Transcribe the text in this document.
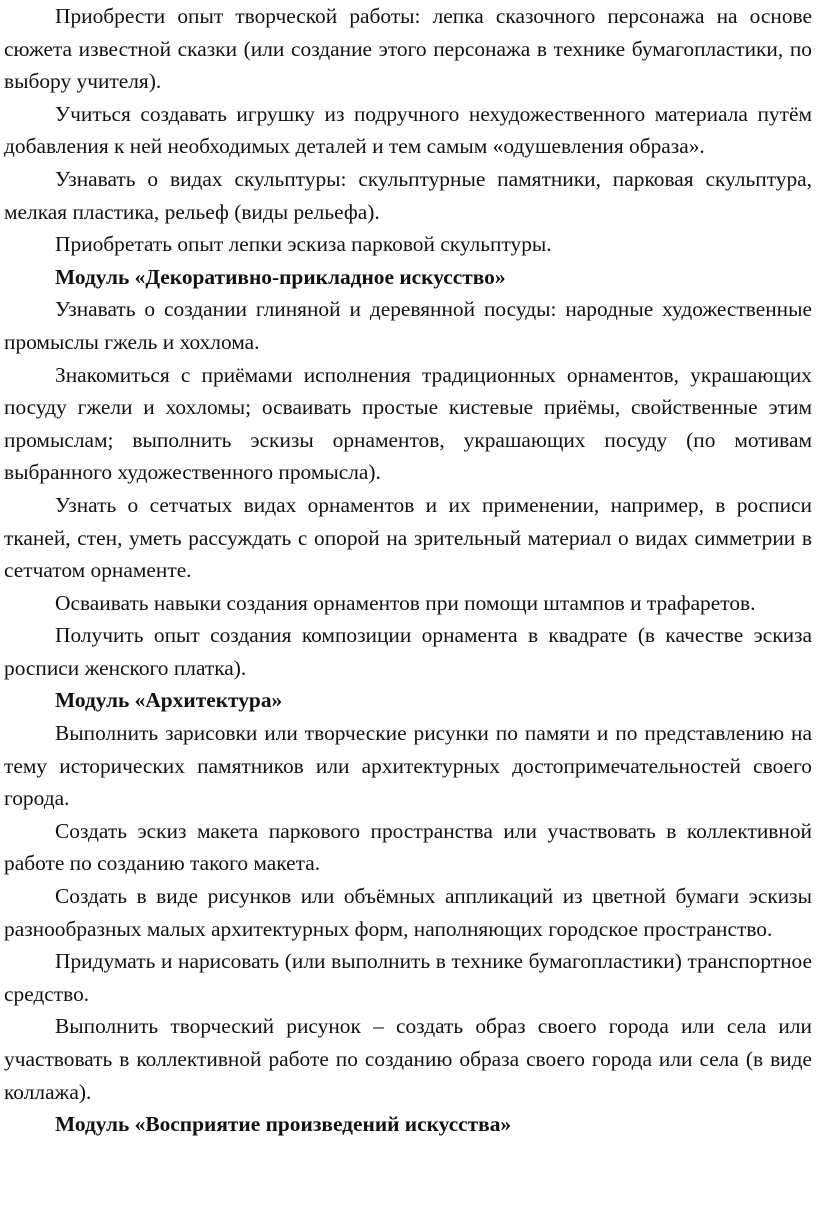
Приобрести опыт творческой работы: лепка сказочного персонажа на основе сюжета известной сказки (или создание этого персонажа в технике бумагопластики, по выбору учителя).

Учиться создавать игрушку из подручного нехудожественного материала путём добавления к ней необходимых деталей и тем самым «одушевления образа».

Узнавать о видах скульптуры: скульптурные памятники, парковая скульптура, мелкая пластика, рельеф (виды рельефа).

Приобретать опыт лепки эскиза парковой скульптуры.

Модуль «Декоративно-прикладное искусство»

Узнавать о создании глиняной и деревянной посуды: народные художественные промыслы гжель и хохлома.

Знакомиться с приёмами исполнения традиционных орнаментов, украшающих посуду гжели и хохломы; осваивать простые кистевые приёмы, свойственные этим промыслам; выполнить эскизы орнаментов, украшающих посуду (по мотивам выбранного художественного промысла).

Узнать о сетчатых видах орнаментов и их применении, например, в росписи тканей, стен, уметь рассуждать с опорой на зрительный материал о видах симметрии в сетчатом орнаменте.

Осваивать навыки создания орнаментов при помощи штампов и трафаретов.

Получить опыт создания композиции орнамента в квадрате (в качестве эскиза росписи женского платка).

Модуль «Архитектура»

Выполнить зарисовки или творческие рисунки по памяти и по представлению на тему исторических памятников или архитектурных достопримечательностей своего города.

Создать эскиз макета паркового пространства или участвовать в коллективной работе по созданию такого макета.

Создать в виде рисунков или объёмных аппликаций из цветной бумаги эскизы разнообразных малых архитектурных форм, наполняющих городское пространство.

Придумать и нарисовать (или выполнить в технике бумагопластики) транспортное средство.

Выполнить творческий рисунок – создать образ своего города или села или участвовать в коллективной работе по созданию образа своего города или села (в виде коллажа).

Модуль «Восприятие произведений искусства»
